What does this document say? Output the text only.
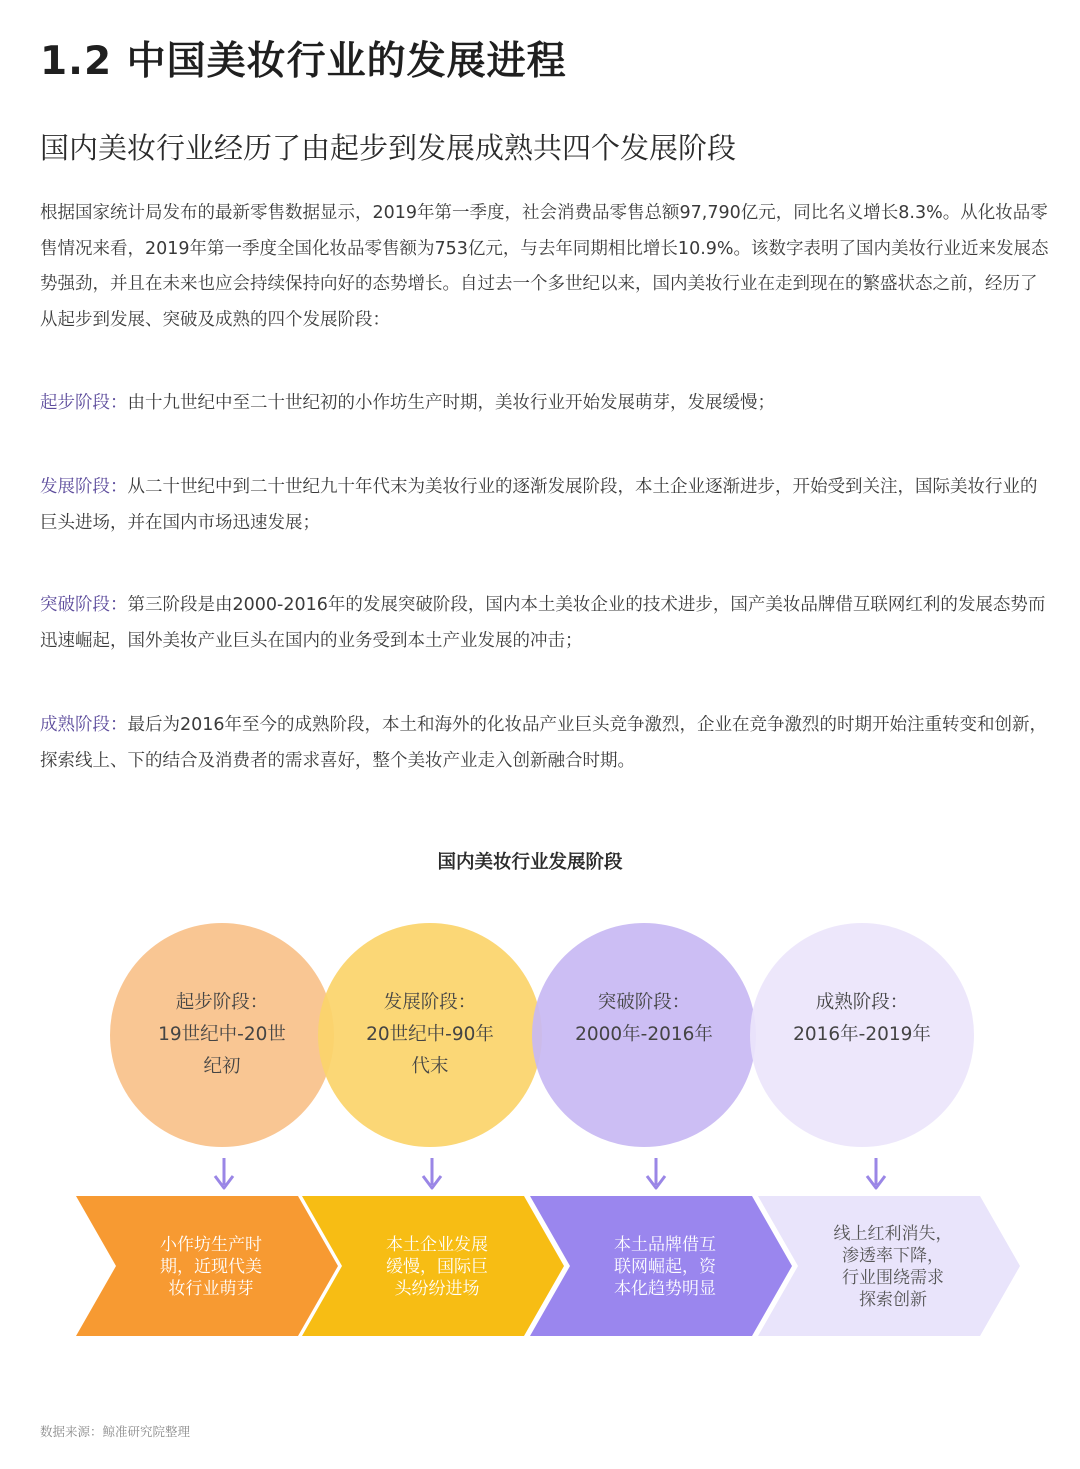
1.2 中国美妆行业的发展进程
国内美妆行业经历了由起步到发展成熟共四个发展阶段
根据国家统计局发布的最新零售数据显示，2019年第一季度，社会消费品零售总额97,790亿元，同比名义增长8.3%。从化妆品零售情况来看，2019年第一季度全国化妆品零售额为753亿元，与去年同期相比增长10.9%。该数字表明了国内美妆行业近来发展态势强劲，并且在未来也应会持续保持向好的态势增长。自过去一个多世纪以来，国内美妆行业在走到现在的繁盛状态之前，经历了从起步到发展、突破及成熟的四个发展阶段：
起步阶段：由十九世纪中至二十世纪初的小作坊生产时期，美妆行业开始发展萌芽，发展缓慢；
发展阶段：从二十世纪中到二十世纪九十年代末为美妆行业的逐渐发展阶段，本土企业逐渐进步，开始受到关注，国际美妆行业的巨头进场，并在国内市场迅速发展；
突破阶段：第三阶段是由2000-2016年的发展突破阶段，国内本土美妆企业的技术进步，国产美妆品牌借互联网红利的发展态势而迅速崛起，国外美妆产业巨头在国内的业务受到本土产业发展的冲击；
成熟阶段：最后为2016年至今的成熟阶段，本土和海外的化妆品产业巨头竞争激烈，企业在竞争激烈的时期开始注重转变和创新，探索线上、下的结合及消费者的需求喜好，整个美妆产业走入创新融合时期。
国内美妆行业发展阶段
小作坊生产时
期，近现代美
妆行业萌芽
本土企业发展
缓慢，国际巨
头纷纷进场
本土品牌借互
联网崛起，资
本化趋势明显
线上红利消失，
渗透率下降，
行业围绕需求
探索创新
起步阶段：
19世纪中-20世
纪初
发展阶段：
20世纪中-90年
代末
突破阶段：
2000年-2016年
成熟阶段：
2016年-2019年
数据来源：鲸准研究院整理
